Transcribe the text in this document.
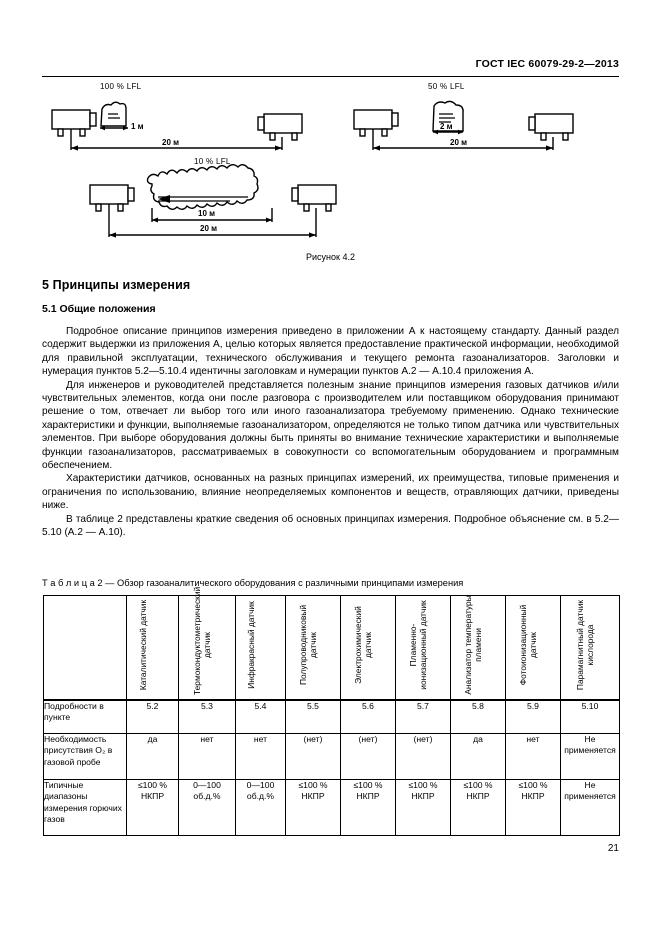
ГОСТ IEC 60079-29-2—2013
100 % LFL	50 % LFL
10 % LFL
1 м	2 м
10 м
20 м	20 м
20 м
Рисунок 4.2
5 Принципы измерения
5.1 Общие положения

Подробное описание принципов измерения приведено в приложении А к настоящему стандарту. Данный раздел содержит выдержки из приложения А, целью которых является предоставление практической информации, необходимой для правильной эксплуатации, технического обслуживания и текущего ремонта газоанализаторов. Заголовки и нумерация пунктов 5.2—5.10.4 идентичны заголовкам и нумерации пунктов А.2 — А.10.4 приложения А.

Для инженеров и руководителей представляется полезным знание принципов измерения газовых датчиков и/или чувствительных элементов, когда они после разговора с производителем или поставщиком оборудования принимают решение о том, отвечает ли выбор того или иного газоанализатора требуемому применению. Однако технические характеристики и функции, выполняемые газоанализатором, определяются не только типом датчика или чувствительных элементов. При выборе оборудования должны быть приняты во внимание технические характеристики и выполняемые функции газоанализаторов, рассматриваемых в совокупности со вспомогательным оборудованием и программным обеспечением.

Характеристики датчиков, основанных на разных принципах измерений, их преимущества, типовые применения и ограничения по использованию, влияние неопределяемых компонентов и веществ, отравляющих датчики, приведены ниже.

В таблице 2 представлены краткие сведения об основных принципах измерения. Подробное объяснение см. в 5.2—5.10 (А.2 — А.10).

Т а б л и ц а 2 — Обзор газоаналитического оборудования с различными принципами измерения

	Каталитический датчик	Термокондуктометрический датчик	Инфракрасный датчик	Полупроводниковый датчик	Электрохимический датчик	Пламенно-ионизационный датчик	Анализатор температуры пламени	Фотоионизационный датчик	Парамагнитный датчик кислорода

Подробности в пункте	5.2	5.3	5.4	5.5	5.6	5.7	5.8	5.9	5.10
Необходимость присутствия O₂ в газовой пробе	да	нет	нет	(нет)	(нет)	(нет)	да	нет	Не применяется
Типичные диапазоны измерения горючих газов	≤100 % НКПР	0—100 об.д.%	0—100 об.д.%	≤100 % НКПР	≤100 % НКПР	≤100 % НКПР	≤100 % НКПР	≤100 % НКПР	Не применяется
21
